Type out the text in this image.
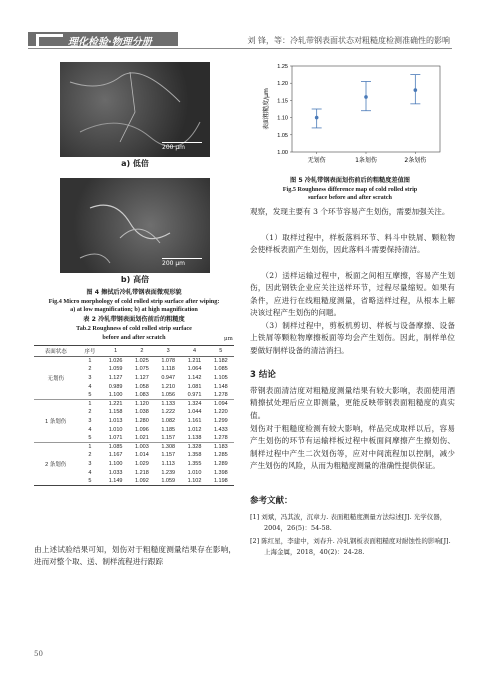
理化检验·物理分册	刘 锋，等：冷轧带钢表面状态对粗糙度检测准确性的影响
200 μm
a) 低倍
200 μm
b) 高倍
图 4 擦拭后冷轧带钢表面微观形貌
Fig.4 Micro morphology of cold rolled strip surface after wiping:
a) at low magnification; b) at high magnification
表 2 冷轧带钢表面划伤前后的粗糙度
Tab.2 Roughness of cold rolled strip surface
before and after scratch	μm
表面状态	序号	1	2	3	4	5
	1	1.026	1.025	1.078	1.211	1.182
	2	1.059	1.075	1.118	1.064	1.085
无划伤	3	1.127	1.127	0.947	1.142	1.105
	4	0.989	1.058	1.210	1.081	1.148
	5	1.100	1.083	1.056	0.971	1.278
	1	1.221	1.120	1.133	1.324	1.094
	2	1.158	1.038	1.222	1.044	1.220
1 条划伤	3	1.013	1.280	1.082	1.161	1.299
	4	1.010	1.096	1.185	1.012	1.433
	5	1.071	1.021	1.157	1.138	1.278
	1	1.085	1.003	1.308	1.328	1.183
	2	1.167	1.014	1.157	1.358	1.285
2 条划伤	3	1.100	1.029	1.113	1.355	1.289
	4	1.033	1.218	1.239	1.010	1.398
	5	1.149	1.092	1.059	1.102	1.198
由上述试验结果可知，划伤对于粗糙度测量结果存在影响，进而对整个取、送、制样流程进行跟踪
1.00
1.05
1.10
1.15
1.20
1.25
表面粗糙度/μm
无划伤	1条划伤	2条划伤
图 5 冷轧带钢表面划伤前后的粗糙度差值图
Fig.5 Roughness difference map of cold rolled strip
surface before and after scratch
观察，发现主要有 3 个环节容易产生划伤，需要加强关注。
（1）取样过程中，样板落料环节、料斗中铁屑、颗粒物会使样板表面产生划伤，因此落料斗需要保持清洁。
（2）送样运输过程中，板面之间相互摩擦，容易产生划伤，因此钢铁企业应关注送样环节，过程尽量缩短。如果有条件，应进行在线粗糙度测量，省略送样过程，从根本上解决该过程产生划伤的问题。
（3）制样过程中，剪板机剪切、样板与设备摩擦、设备上铁屑等颗粒物摩擦板面等均会产生划伤。因此，制样单位要做好制样设备的清洁消扫。
3 结论
带钢表面清洁度对粗糙度测量结果有较大影响，表面使用酒精擦拭处理后应立即测量，更能反映带钢表面粗糙度的真实值。
划伤对于粗糙度检测有较大影响，样品完成取样以后，容易产生划伤的环节有运输样板过程中板面间摩擦产生擦划伤、制样过程中产生二次划伤等，应对中间流程加以控制，减少产生划伤的风险，从而为粗糙度测量的准确性提供保证。
参考文献：
[1] 刘斌，冯其波，沉章力. 表面粗糙度测量方法综述[J]. 光学仪器，2004，26(5)：54-58.
[2] 陈红星，李建中，刘春升. 冷轧钢板表面粗糙度对耐蚀性的影响[J]. 上海金属，2018，40(2)：24-28.
50
